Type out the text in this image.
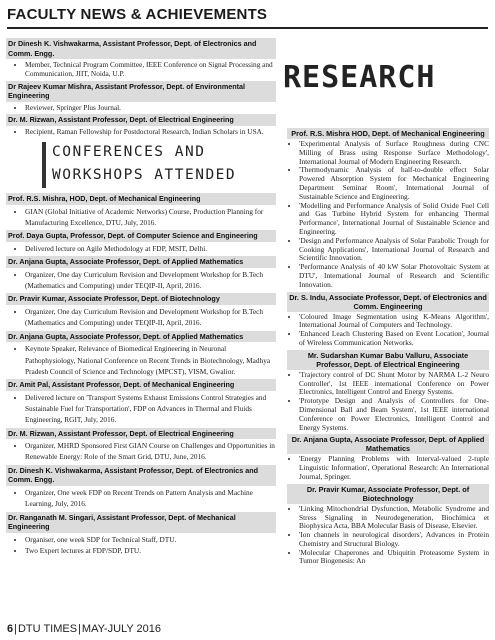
FACULTY NEWS & ACHIEVEMENTS
Dr Dinesh K. Vishwakarma, Assistant Professor, Dept. of Electronics and Comm. Engg.
• Member, Technical Program Committee, IEEE Conference on Signal Processing and Communication, JIIT, Noida, U.P.
Dr Rajeev Kumar Mishra, Assistant Professor, Dept. of Environmental Engineering
• Reviewer, Springer Plus Journal.
Dr. M. Rizwan, Assistant Professor, Dept. of Electrical Engineering
• Recipient, Raman Fellowship for Postdoctoral Research, Indian Scholars in USA.
CONFERENCES AND
WORKSHOPS ATTENDED
Prof. R.S. Mishra, HOD, Dept. of Mechanical Engineering
• GIAN (Global Initiative of Academic Networks) Course, Production Planning for Manufacturing Excellence, DTU, July, 2016.
Prof. Daya Gupta, Professor, Dept. of Computer Science and Engineering
• Delivered lecture on Agile Methodology at FDP, MSIT, Delhi.
Dr. Anjana Gupta, Associate Professor, Dept. of Applied Mathematics
• Organizer, One day Curriculum Revision and Development Workshop for B.Tech (Mathematics and Computing) under TEQIP-II, April, 2016.
Dr. Pravir Kumar, Associate Professor, Dept. of Biotechnology
• Organizer, One day Curriculum Revision and Development Workshop for B.Tech (Mathematics and Computing) under TEQIP-II, April, 2016.
Dr. Anjana Gupta, Associate Professor, Dept. of Applied Mathematics
• Keynote Speaker, Relevance of Biomedical Engineering in Neuronal Pathophysiology, National Conference on Recent Trends in Biotechnology, Madhya Pradesh Council of Science and Technology (MPCST), VISM, Gwalior.
Dr. Amit Pal, Assistant Professor, Dept. of Mechanical Engineering
• Delivered lecture on 'Transport Systems Exhaust Emissions Control Strategies and Sustainable Fuel for Transportation', FDP on Advances in Thermal and Fluids Engineering, RGIT, July, 2016.
Dr. M. Rizwan, Assistant Professor, Dept. of Electrical Engineering
• Organizer, MHRD Sponsored First GIAN Course on Challenges and Opportunities in Renewable Energy: Role of the Smart Grid, DTU, June, 2016.
Dr. Dinesh K. Vishwakarma, Assistant Professor, Dept. of Electronics and Comm. Engg.
• Organizer, One week FDP on Recent Trends on Pattern Analysis and Machine Learning, July, 2016.
Dr. Ranganath M. Singari, Assistant Professor, Dept. of Mechanical Engineering
• Organiser, one week SDP for Technical Staff, DTU.
• Two Expert lectures at FDP/SDP, DTU.
RESEARCH
Prof. R.S. Mishra HOD, Dept. of Mechanical Engineering
• 'Experimental Analysis of Surface Roughness during CNC Milling of Brass using Response Surface Methodology', International Journal of Modern Engineering Research.
• 'Thermodynamic Analysis of half-to-double effect Solar Powered Absorption System for Mechanical Engineering Department Seminar Room', International Journal of Sustainable Science and Engineering.
• 'Modelling and Performance Analysis of Solid Oxide Fuel Cell and Gas Turbine Hybrid System for enhancing Thermal Performance', International Journal of Sustainable Science and Engineering.
• 'Design and Performance Analysis of Solar Parabolic Trough for Cooking Applications', International Journal of Research and Scientific Innovation.
• 'Performance Analysis of 40 kW Solar Photovoltaic System at DTU', International Journal of Research and Scientific Innovation.
Dr. S. Indu, Associate Professor, Dept. of Electronics and Comm. Engineering
• 'Coloured Image Segmentation using K-Means Algorithm', International Journal of Computers and Technology.
• 'Enhanced Leach Clustering Based on Event Location', Journal of Wireless Communication Networks.
Mr. Sudarshan Kumar Babu Valluru, Associate Professor, Dept. of Electrical Engineering
• 'Trajectory control of DC Shunt Motor by NARMA L-2 Neuro Controller', 1st IEEE international Conference on Power Electronics, Intelligent Control and Energy Systems.
• 'Prototype Design and Analysis of Controllers for One-Dimensional Ball and Beam System', 1st IEEE international Conference on Power Electronics, Intelligent Control and Energy Systems.
Dr. Anjana Gupta, Associate Professor, Dept. of Applied Mathematics
• 'Energy Planning Problems with Interval-valued 2-tuple Linguistic Information', Operational Research: An International Journal, Springer.
Dr. Pravir Kumar, Associate Professor, Dept. of Biotechnology
• 'Linking Mitochondrial Dysfunction, Metabolic Syndrome and Stress Signaling in Neurodegeneration, Biochimica et Biophysica Acta, BBA Molecular Basis of Disease, Elsevier.
• 'Ion channels in neurological disorders', Advances in Protein Chemistry and Structural Biology.
• 'Molecular Chaperones and Ubiquitin Proteasome System in Tumor Biogenesis: An
6|DTU TIMES|MAY-JULY 2016
